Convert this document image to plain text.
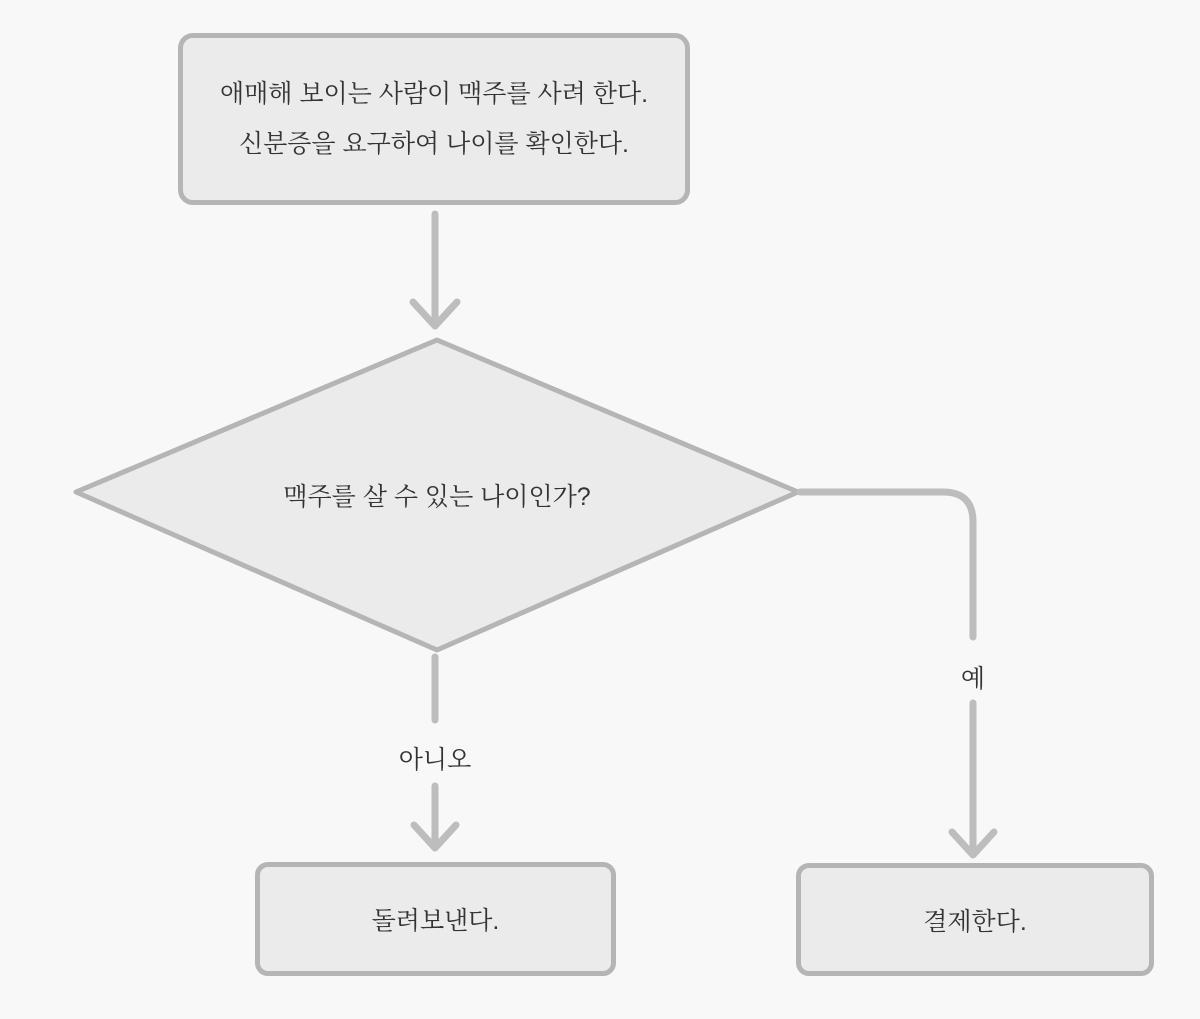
애매해 보이는 사람이 맥주를 사려 한다.
신분증을 요구하여 나이를 확인한다.
맥주를 살 수 있는 나이인가?
아니오
예
돌려보낸다.	결제한다.
